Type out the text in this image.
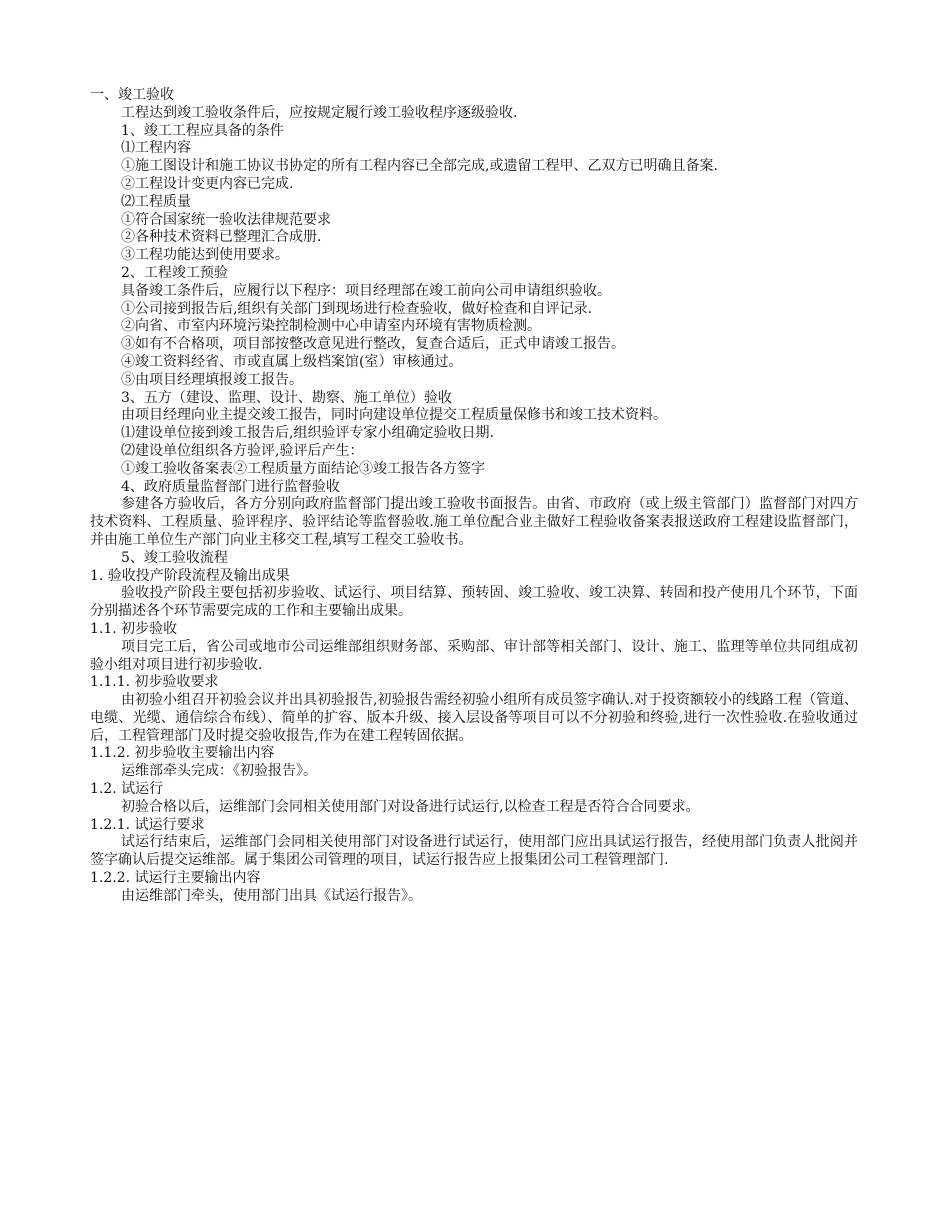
一、竣工验收

工程达到竣工验收条件后，应按规定履行竣工验收程序逐级验收.

1、竣工工程应具备的条件

⑴工程内容

①施工图设计和施工协议书协定的所有工程内容已全部完成,或遗留工程甲、乙双方已明确且备案.

②工程设计变更内容已完成.

⑵工程质量

①符合国家统一验收法律规范要求

②各种技术资料已整理汇合成册.

③工程功能达到使用要求。

2、工程竣工预验

具备竣工条件后，应履行以下程序：项目经理部在竣工前向公司申请组织验收。

①公司接到报告后,组织有关部门到现场进行检查验收，做好检查和自评记录.

②向省、市室内环境污染控制检测中心申请室内环境有害物质检测。

③如有不合格项，项目部按整改意见进行整改，复查合适后，正式申请竣工报告。

④竣工资料经省、市或直属上级档案馆(室）审核通过。

⑤由项目经理填报竣工报告。

3、五方（建设、监理、设计、勘察、施工单位）验收

由项目经理向业主提交竣工报告，同时向建设单位提交工程质量保修书和竣工技术资料。

⑴建设单位接到竣工报告后,组织验评专家小组确定验收日期.

⑵建设单位组织各方验评,验评后产生：

①竣工验收备案表②工程质量方面结论③竣工报告各方签字

4、政府质量监督部门进行监督验收

参建各方验收后，各方分别向政府监督部门提出竣工验收书面报告。由省、市政府（或上级主管部门）监督部门对四方技术资料、工程质量、验评程序、验评结论等监督验收.施工单位配合业主做好工程验收备案表报送政府工程建设监督部门，并由施工单位生产部门向业主移交工程,填写工程交工验收书。

5、竣工验收流程

1. 验收投产阶段流程及输出成果

验收投产阶段主要包括初步验收、试运行、项目结算、预转固、竣工验收、竣工决算、转固和投产使用几个环节，下面分别描述各个环节需要完成的工作和主要输出成果。

1.1. 初步验收

项目完工后，省公司或地市公司运维部组织财务部、采购部、审计部等相关部门、设计、施工、监理等单位共同组成初验小组对项目进行初步验收.

1.1.1. 初步验收要求

由初验小组召开初验会议并出具初验报告,初验报告需经初验小组所有成员签字确认.对于投资额较小的线路工程（管道、电缆、光缆、通信综合布线）、简单的扩容、版本升级、接入层设备等项目可以不分初验和终验,进行一次性验收.在验收通过后，工程管理部门及时提交验收报告,作为在建工程转固依据。

1.1.2. 初步验收主要输出内容

运维部牵头完成：《初验报告》。

1.2. 试运行

初验合格以后，运维部门会同相关使用部门对设备进行试运行,以检查工程是否符合合同要求。

1.2.1. 试运行要求

试运行结束后，运维部门会同相关使用部门对设备进行试运行，使用部门应出具试运行报告，经使用部门负责人批阅并签字确认后提交运维部。属于集团公司管理的项目，试运行报告应上报集团公司工程管理部门.

1.2.2. 试运行主要输出内容

由运维部门牵头，使用部门出具《试运行报告》。
